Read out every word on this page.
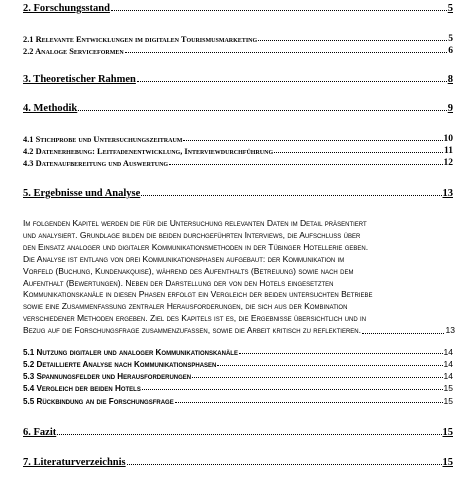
2. Forschungsstand	5
2.1 Relevante Entwicklungen im digitalen Tourismusmarketing	5
2.2 Analoge Serviceformen	6
3. Theoretischer Rahmen	8
4. Methodik	9
4.1 Stichprobe und Untersuchungszeitraum	10
4.2 Datenerhebung: Leitfadenentwicklung, Interviewdurchführung	11
4.3 Datenaufbereitung und Auswertung	12
5. Ergebnisse und Analyse	13
Im folgenden Kapitel werden die für die Untersuchung relevanten Daten im Detail präsentiert
und analysiert. Grundlage bilden die beiden durchgeführten Interviews, die Aufschluss über
den Einsatz analoger und digitaler Kommunikationsmethoden in der Tübinger Hotellerie geben.
Die Analyse ist entlang von drei Kommunikationsphasen aufgebaut: der Kommunikation im
Vorfeld (Buchung, Kundenakquise), während des Aufenthalts (Betreuung) sowie nach dem
Aufenthalt (Bewertungen). Neben der Darstellung der von den Hotels eingesetzten
Kommunikationskanäle in diesen Phasen erfolgt ein Vergleich der beiden untersuchten Betriebe
sowie eine Zusammenfassung zentraler Herausforderungen, die sich aus der Kombination
verschiedener Methoden ergeben. Ziel des Kapitels ist es, die Ergebnisse übersichtlich und in
Bezug auf die Forschungsfrage zusammenzufassen, sowie die Arbeit kritisch zu reflektieren.	13
5.1 Nutzung digitaler und analoger Kommunikationskanäle	14
5.2 Detaillierte Analyse nach Kommunikationsphasen	14
5.3 Spannungsfelder und Herausforderungen	14
5.4 Vergleich der beiden Hotels	15
5.5 Rückbindung an die Forschungsfrage	15
6. Fazit	15
7. Literaturverzeichnis	15
